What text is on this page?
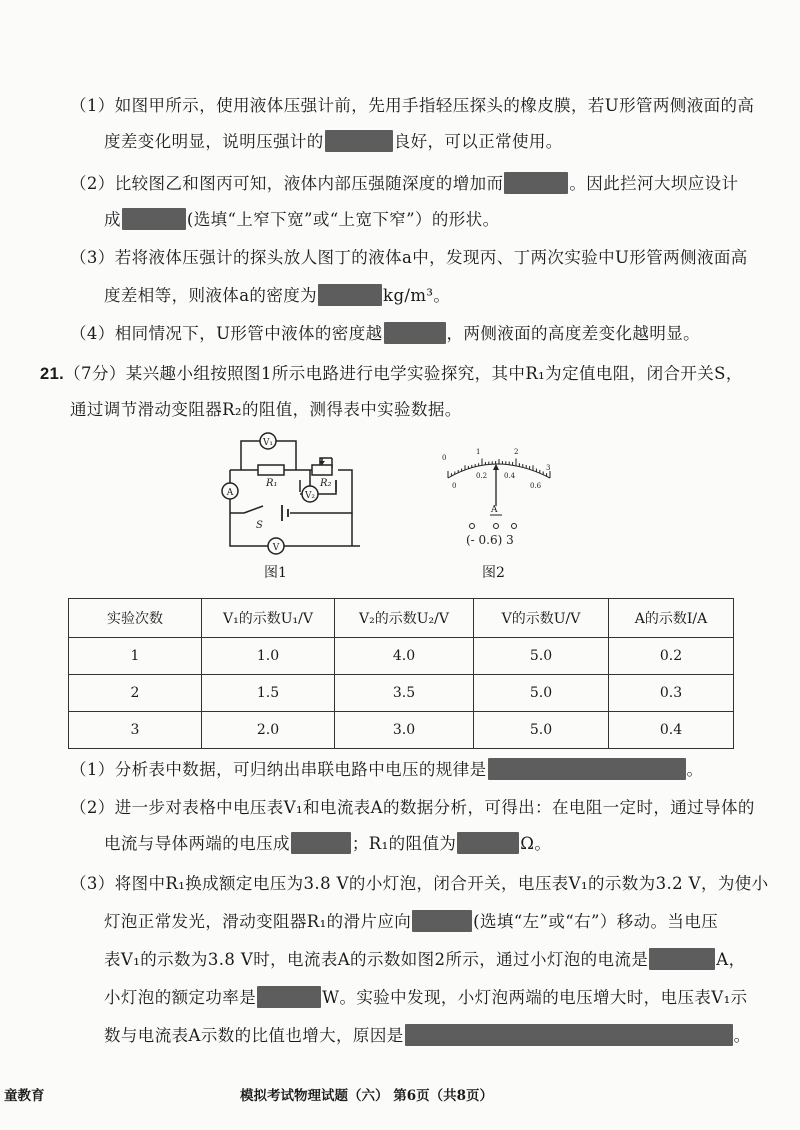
（1）如图甲所示，使用液体压强计前，先用手指轻压探头的橡皮膜，若U形管两侧液面的高
度差变化明显，说明压强计的	良好，可以正常使用。
（2）比较图乙和图丙可知，液体内部压强随深度的增加而	。因此拦河大坝应设计
成	(选填“上窄下宽”或“上宽下窄”）的形状。
（3）若将液体压强计的探头放人图丁的液体a中，发现丙、丁两次实验中U形管两侧液面高
度差相等，则液体a的密度为	kg/m³。
（4）相同情况下，U形管中液体的密度越	，两侧液面的高度差变化越明显。
21.（7分）某兴趣小组按照图1所示电路进行电学实验探究，其中R₁为定值电阻，闭合开关S，
通过调节滑动变阻器R₂的阻值，测得表中实验数据。
V₁
V₂
A
S
V
R₁	R₂
图1
0
1	2
3
0
0.2 0.4
0.6
A
(- 0.6) 3
图2
实验次数	V₁的示数U₁/V	V₂的示数U₂/V	V的示数U/V	A的示数I/A
1	1.0	4.0	5.0	0.2
2	1.5	3.5	5.0	0.3
3	2.0	3.0	5.0	0.4
（1）分析表中数据，可归纳出串联电路中电压的规律是	。
（2）进一步对表格中电压表V₁和电流表A的数据分析，可得出：在电阻一定时，通过导体的
电流与导体两端的电压成	；R₁的阻值为	Ω。
（3）将图中R₁换成额定电压为3.8 V的小灯泡，闭合开关，电压表V₁的示数为3.2 V，为使小
灯泡正常发光，滑动变阻器R₁的滑片应向	(选填“左”或“右”）移动。当电压
表V₁的示数为3.8 V时，电流表A的示数如图2所示，通过小灯泡的电流是	A，
小灯泡的额定功率是	W。实验中发现，小灯泡两端的电压增大时，电压表V₁示
数与电流表A示数的比值也增大，原因是	。
童教育	模拟考试物理试题（六） 第6页（共8页）
